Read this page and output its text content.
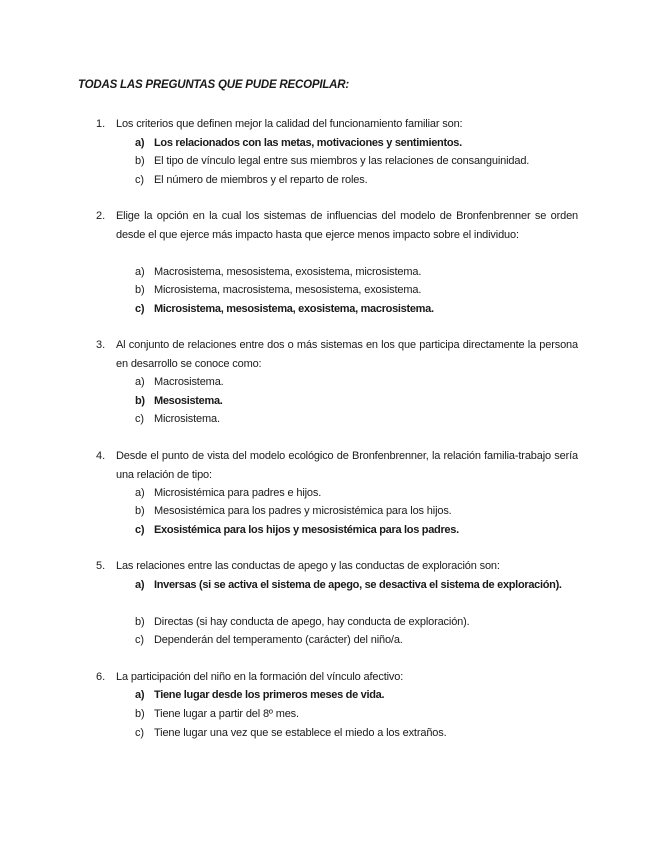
TODAS LAS PREGUNTAS QUE PUDE RECOPILAR:
1. Los criterios que definen mejor la calidad del funcionamiento familiar son:
a) Los relacionados con las metas, motivaciones y sentimientos.
b) El tipo de vínculo legal entre sus miembros y las relaciones de consanguinidad.
c) El número de miembros y el reparto de roles.
2. Elige la opción en la cual los sistemas de influencias del modelo de Bronfenbrenner se orden desde el que ejerce más impacto hasta que ejerce menos impacto sobre el individuo:
a) Macrosistema, mesosistema, exosistema, microsistema.
b) Microsistema, macrosistema, mesosistema, exosistema.
c) Microsistema, mesosistema, exosistema, macrosistema.
3. Al conjunto de relaciones entre dos o más sistemas en los que participa directamente la persona en desarrollo se conoce como:
a) Macrosistema.
b) Mesosistema.
c) Microsistema.
4. Desde el punto de vista del modelo ecológico de Bronfenbrenner, la relación familia-trabajo sería una relación de tipo:
a) Microsistémica para padres e hijos.
b) Mesosistémica para los padres y microsistémica para los hijos.
c) Exosistémica para los hijos y mesosistémica para los padres.
5. Las relaciones entre las conductas de apego y las conductas de exploración son:
a) Inversas (si se activa el sistema de apego, se desactiva el sistema de exploración).
b) Directas (si hay conducta de apego, hay conducta de exploración).
c) Dependerán del temperamento (carácter) del niño/a.
6. La participación del niño en la formación del vínculo afectivo:
a) Tiene lugar desde los primeros meses de vida.
b) Tiene lugar a partir del 8º mes.
c) Tiene lugar una vez que se establece el miedo a los extraños.
